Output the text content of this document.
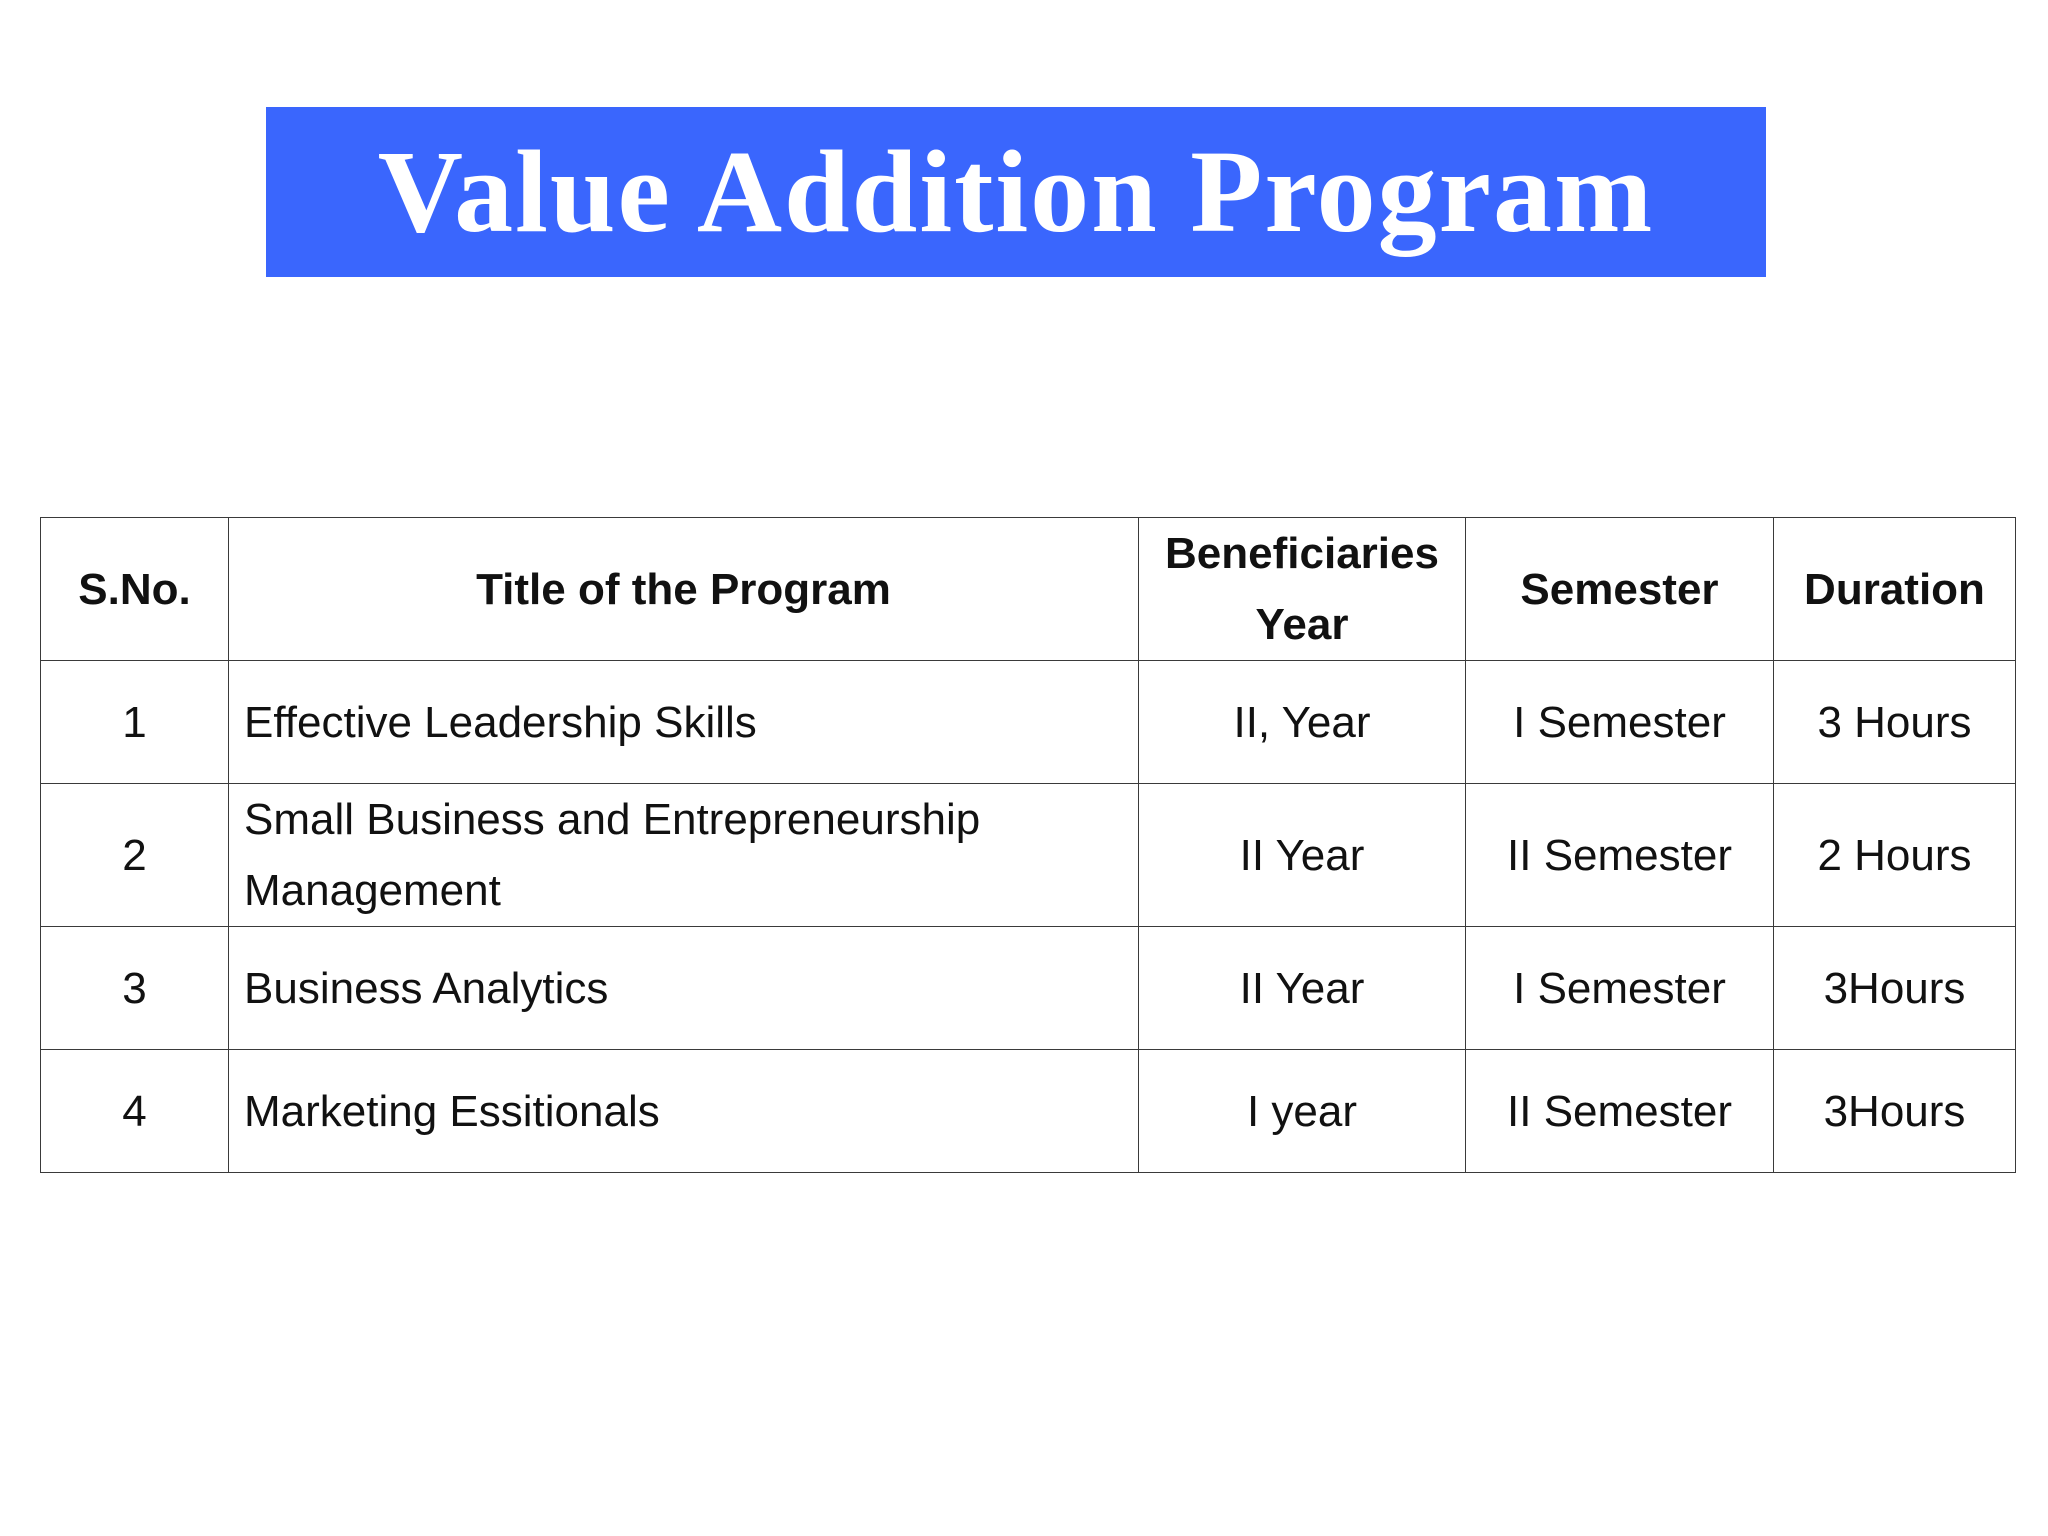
Value Addition Program
S.No.	Title of the Program	Beneficiaries Year	Semester	Duration
1	Effective Leadership Skills	II, Year	I Semester	3 Hours
2	Small Business and Entrepreneurship Management	II Year	II Semester	2 Hours
3	Business Analytics	II Year	I Semester	3Hours
4	Marketing Essitionals	I year	II Semester	3Hours
